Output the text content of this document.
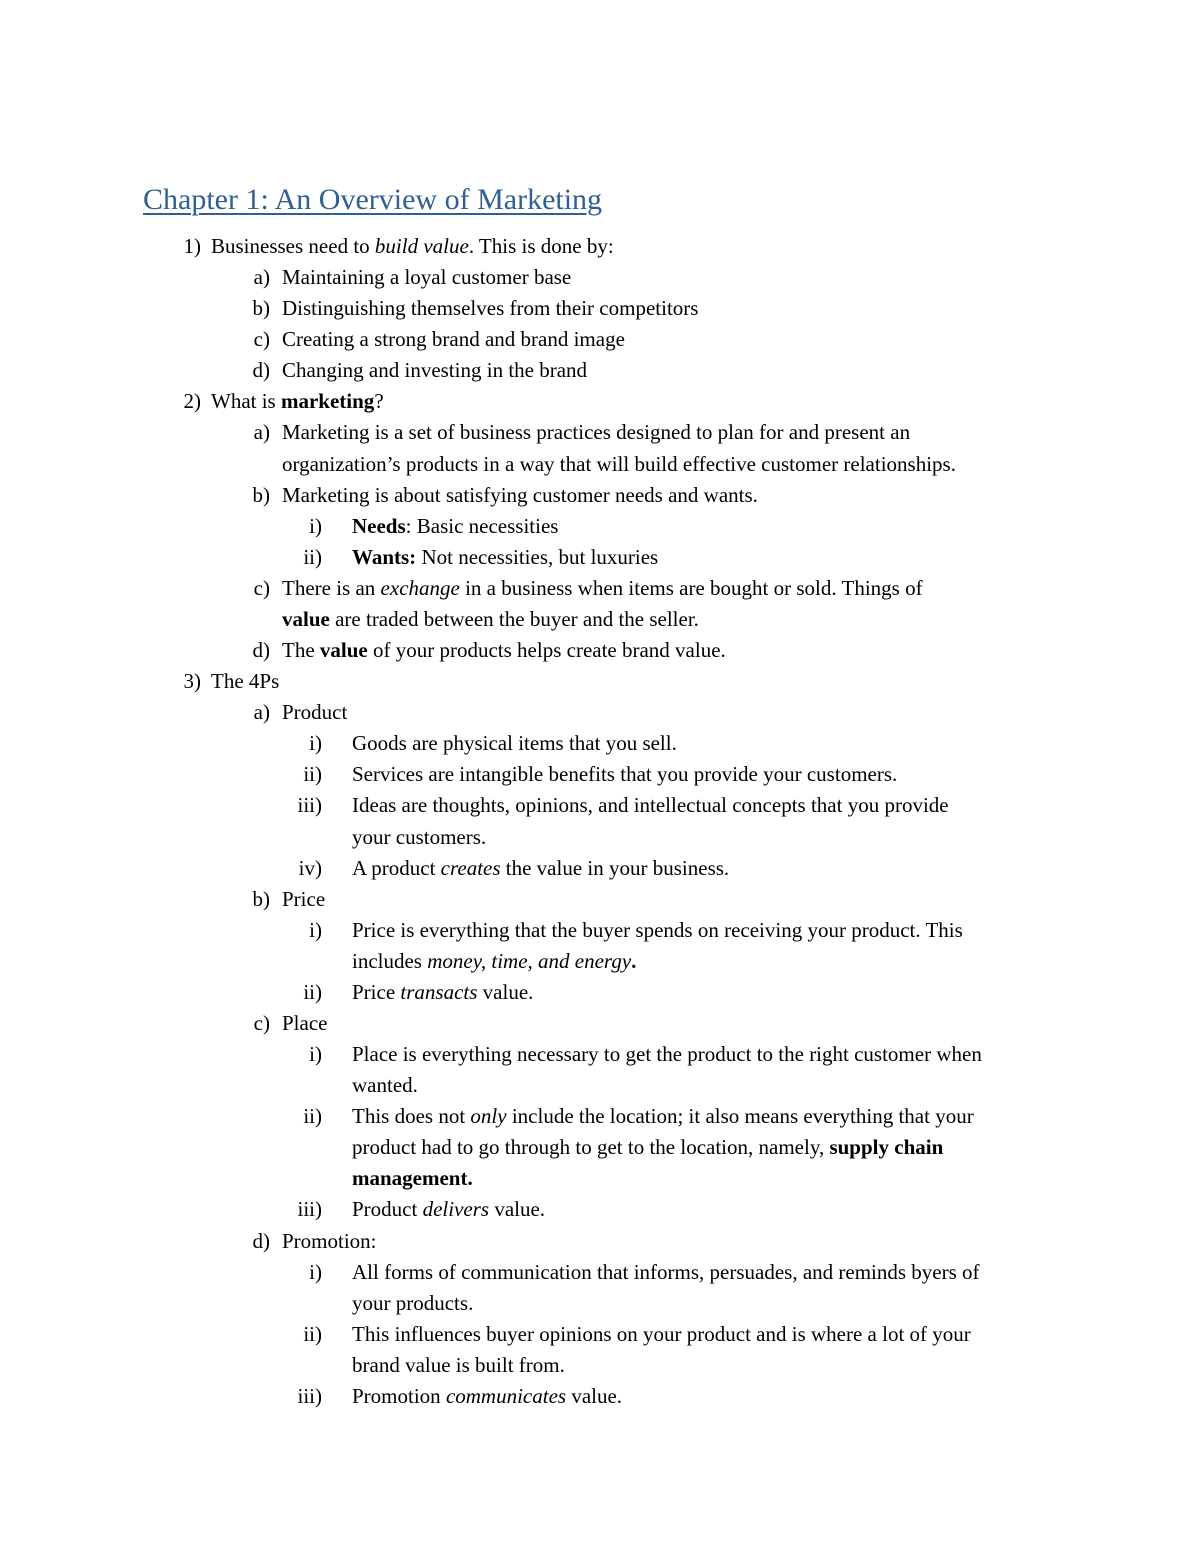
Chapter 1: An Overview of Marketing
1) Businesses need to build value. This is done by:
a) Maintaining a loyal customer base
b) Distinguishing themselves from their competitors
c) Creating a strong brand and brand image
d) Changing and investing in the brand
2) What is marketing?
a) Marketing is a set of business practices designed to plan for and present an
organization’s products in a way that will build effective customer relationships.
b) Marketing is about satisfying customer needs and wants.
i) Needs: Basic necessities
ii) Wants: Not necessities, but luxuries
c) There is an exchange in a business when items are bought or sold. Things of
value are traded between the buyer and the seller.
d) The value of your products helps create brand value.
3) The 4Ps
a) Product
i) Goods are physical items that you sell.
ii) Services are intangible benefits that you provide your customers.
iii) Ideas are thoughts, opinions, and intellectual concepts that you provide
your customers.
iv) A product creates the value in your business.
b) Price
i) Price is everything that the buyer spends on receiving your product. This
includes money, time, and energy.
ii) Price transacts value.
c) Place
i) Place is everything necessary to get the product to the right customer when
wanted.
ii) This does not only include the location; it also means everything that your
product had to go through to get to the location, namely, supply chain
management.
iii) Product delivers value.
d) Promotion:
i) All forms of communication that informs, persuades, and reminds byers of
your products.
ii) This influences buyer opinions on your product and is where a lot of your
brand value is built from.
iii) Promotion communicates value.
